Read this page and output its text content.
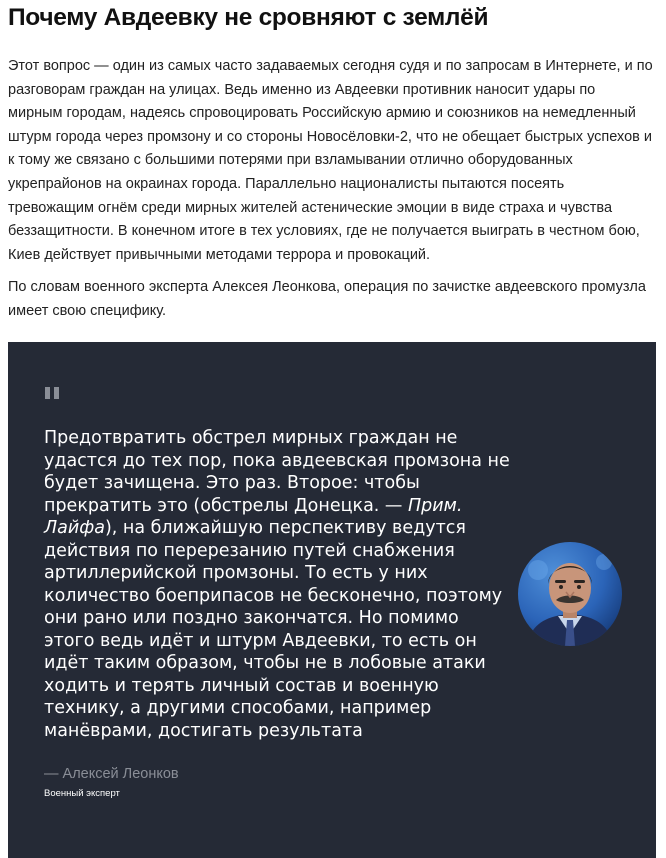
Почему Авдеевку не сровняют с землёй

Этот вопрос — один из самых часто задаваемых сегодня судя и по запросам в Интернете, и по
разговорам граждан на улицах. Ведь именно из Авдеевки противник наносит удары по
мирным городам, надеясь спровоцировать Российскую армию и союзников на немедленный
штурм города через промзону и со стороны Новосёловки-2, что не обещает быстрых успехов и
к тому же связано с большими потерями при взламывании отлично оборудованных
укрепрайонов на окраинах города. Параллельно националисты пытаются посеять
тревожащим огнём среди мирных жителей астенические эмоции в виде страха и чувства
беззащитности. В конечном итоге в тех условиях, где не получается выиграть в честном бою,
Киев действует привычными методами террора и провокаций.

По словам военного эксперта Алексея Леонкова, операция по зачистке авдеевского промузла
имеет свою специфику.

Предотвратить обстрел мирных граждан не
удастся до тех пор, пока авдеевская промзона не
будет зачищена. Это раз. Второе: чтобы
прекратить это (обстрелы Донецка. — Прим.
Лайфа), на ближайшую перспективу ведутся
действия по перерезанию путей снабжения
артиллерийской промзоны. То есть у них
количество боеприпасов не бесконечно, поэтому
они рано или поздно закончатся. Но помимо
этого ведь идёт и штурм Авдеевки, то есть он
идёт таким образом, чтобы не в лобовые атаки
ходить и терять личный состав и военную
технику, а другими способами, например
манёврами, достигать результата

— Алексей Леонков
Военный эксперт
